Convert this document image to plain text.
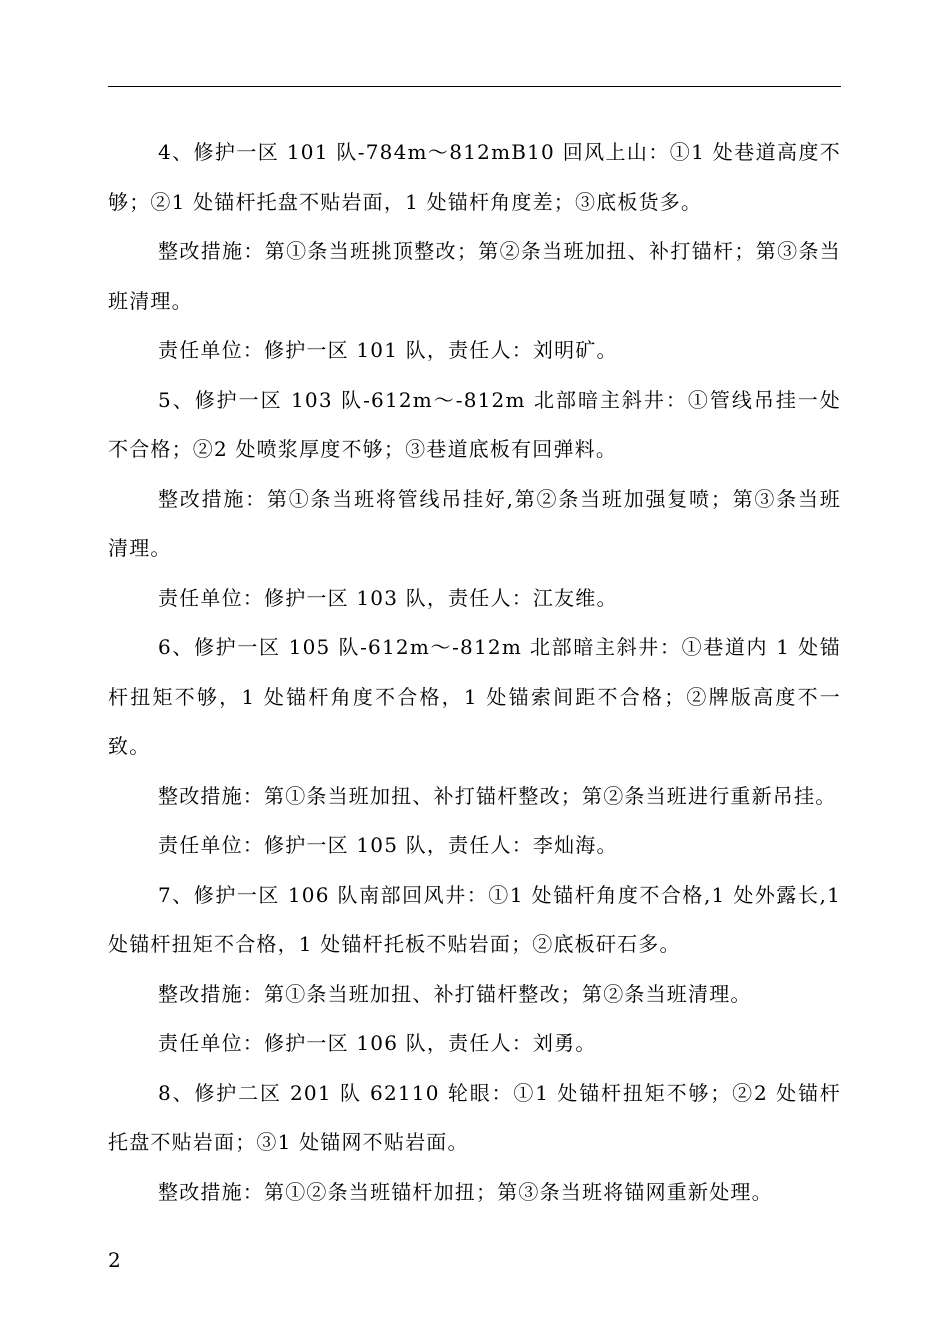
4、修护一区 101 队-784m～812mB10 回风上山：①1 处巷道高度不够；②1 处锚杆托盘不贴岩面，1 处锚杆角度差；③底板货多。

整改措施：第①条当班挑顶整改；第②条当班加扭、补打锚杆；第③条当班清理。

责任单位：修护一区 101 队，责任人：刘明矿。

5、修护一区 103 队-612m～-812m 北部暗主斜井：①管线吊挂一处不合格；②2 处喷浆厚度不够；③巷道底板有回弹料。

整改措施：第①条当班将管线吊挂好,第②条当班加强复喷；第③条当班清理。

责任单位：修护一区 103 队，责任人：江友维。

6、修护一区 105 队-612m～-812m 北部暗主斜井：①巷道内 1 处锚杆扭矩不够，1 处锚杆角度不合格，1 处锚索间距不合格；②牌版高度不一致。

整改措施：第①条当班加扭、补打锚杆整改；第②条当班进行重新吊挂。

责任单位：修护一区 105 队，责任人：李灿海。

7、修护一区 106 队南部回风井：①1 处锚杆角度不合格,1 处外露长,1 处锚杆扭矩不合格，1 处锚杆托板不贴岩面；②底板矸石多。

整改措施：第①条当班加扭、补打锚杆整改；第②条当班清理。

责任单位：修护一区 106 队，责任人：刘勇。

8、修护二区 201 队 62110 轮眼：①1 处锚杆扭矩不够；②2 处锚杆托盘不贴岩面；③1 处锚网不贴岩面。

整改措施：第①②条当班锚杆加扭；第③条当班将锚网重新处理。

2
